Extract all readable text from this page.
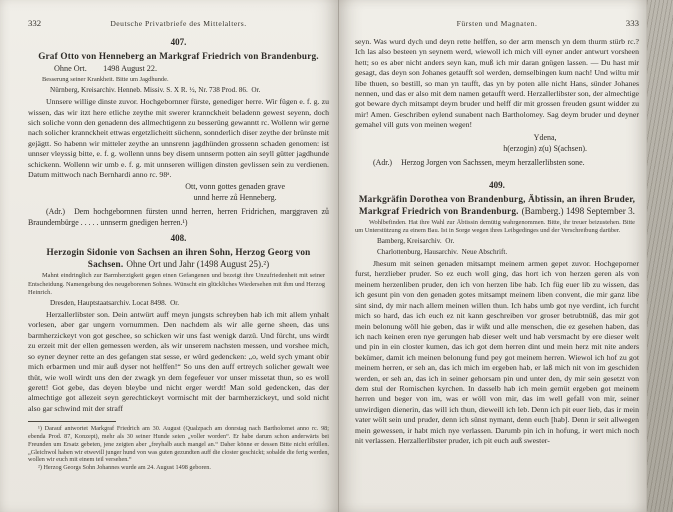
332	Deutsche Privatbriefe des Mittelalters.
407.
Graf Otto von Henneberg an Markgraf Friedrich von Brandenburg.
Ohne Ort.  1498 August 22.
Besserung seiner Krankheit. Bitte um Jagdhunde.
Nürnberg, Kreisarchiv. Henneb. Missiv. S. X R. ½, Nr. 738 Prod. 86. Or.
Unnsere willige dinste zuvor. Hochgebornner fürste, genediger herre. Wir fügen e. f. g. zu wissen, das wir itzt here etliche zeythe mit swerer krannckheit beladenn gewest seyenn, doch sich soliche vonn den genadenn des allmechtigenn zu besserüng gewanntt rc. Wollenn wir gerne nach solicher krannckheit ettwas ergetzlicheitt süchenn, sonnderlich diser zeythe der brünste mit gejägtt. So habenn wir mitteler zeythe an unnsrenn jagdhünden grossenn schaden genomen: ist unnser vleyssig bitte, e. f. g. wollenn unns bey disem unnserm potten ain seyll gütter jagdhunde schickenn. Wollenn wir umb e. f. g. mit unnseren willigen dinsten gevlissen sein zu verdienen. Datum mittwoch nach Bernhardi anno rc. 98ᵃ.
Ott, vonn gottes genaden grave
unnd herre zů Henneberg.
(Adr.) Dem hochgebornnen fürsten unnd herren, herren Fridrichen, marggraven zů Braundembürge . . . . . unnserm gnedigen herren.¹)
408.
Herzogin Sidonie von Sachsen an ihren Sohn, Herzog Georg von Sachsen. Ohne Ort und Jahr (1498 August 25).²)
Mahnt eindringlich zur Barmherzigkeit gegen einen Gefangenen und bezeigt ihre Unzufriedenheit mit seiner Entscheidung. Namengebung des neugeborenen Sohnes. Wünscht ein glückliches Wiedersehen mit ihm und Herzog Heinrich.
Dresden, Hauptstaatsarchiv. Locat 8498. Or.
Herzallerlibster son. Dein antwürt auff meyn jungsts schreyben hab ich mit allem ynhalt vorlesen, aber gar ungern vornummen. Den nachdem als wir alle gerne sheen, das uns barmherzickeyt von got geschee, so schicken wir uns fast wenigk darzü. Und fürcht, uns wirdt zu erzeit mit der ellen gemessen werden, als wir unserem nachsten messen, und vorshee mich, so eyner deyner rette an des gefangen stat sesse, er würd gedencken: „o, weld sych ymant obir mich erbarmen und mir auß dyser not helffen!“ So uns den auff ertreych solicher gewalt wee thüt, wie woll wirdt uns den der zwagk yn dem fegefeuer vor unser missetat thun, so es woll gerett! Got gebe, das deyen bleybe und nicht erger werdt! Man sold gedencken, das der almechtige got allezeit seyn gerechtickeyt vormischt mit der barmherzickeyt, und sold nicht also gar schwind mit der straff
¹) Darauf antwortet Markgraf Friedrich am 30. August (Qualzpach am donrstag nach Bartholomei anno rc. 98; ebenda Prod. 87, Konzept), mehr als 30 seiner Hunde seien „voller worden“. Er habe darum schon anderwärts bei Freunden um Ersatz gebeten, jene zeigten aber „freyhalb auch mangel an.“ Daher könne er dessen Bitte nicht erfüllen. „Gleichwol haben wir etwevill junger hund von was guten gezundten auff die closter geschickt; sobalde die ferig werden, wollen wir euch mit einem teil versehen.“
²) Herzog Georgs Sohn Johannes wurde am 24. August 1498 geboren.
Fürsten und Magnaten.	333
seyn. Was wurd dych und deyn rette helffen, so der arm mensch yn dem thurm stürb rc.? Ich las also besteen yn seynem werd, wiewoll ich mich vill eyner ander antwurt vorsheen hett; so es aber nicht anders seyn kan, muß ich mir daran gnügen lassen. — Du hast mir gesagt, das deyn son Johanes getaufft sol werden, demselbingen kum nach! Und wiltu mir libe thuen, so bestill, so man yn taufft, das yn by poten alle nicht Hans, sünder Johanes nennen, und das er also mit dem namen getaufft werd. Herzallerlibster son, der almechtige got beware dych mitsampt deym bruder und helff dir mit grossen freuden gsunt widder zu mir! Amen. Geschriben eylend sunabent nach Bartholomey. Sag deym bruder und deyner gemahel vill guts von meinen wegen!
Ydena,
h(erzogin) z(u) S(achsen).
(Adr.) Herzog Jorgen von Sachssen, meym herzallerlibsten sone.
409.
Markgräfin Dorothea von Brandenburg, Äbtissin, an ihren Bruder, Markgraf Friedrich von Brandenburg. (Bamberg.) 1498 September 3.
Wohlbefinden. Hat ihre Wahl zur Äbtissin demütig wahrgenommen. Bitte, ihr treuer beizustehen. Bitte um Unterstützung zu einem Bau. Ist in Sorge wegen ihres Leibgedinges und der Verschreibung darüber.
Bamberg, Kreisarchiv. Or.
Charlottenburg, Hausarchiv. Neue Abschrift.
Jhesum mit seinen genaden mitsampt meinem armen gepet zuvor. Hochgeporner furst, herzlieber pruder. So ez euch woll ging, das hort ich von herzen geren als von meinem herzenliben pruder, den ich von herzen libe hab. Ich füg euer lib zu wissen, das ich gesunt pin von den genaden gotes mitsampt meinem liben convent, die mir ganz libe sint sind, dy mir nach allem meinen willen thun. Ich habs umb got nye verdint, ich furcht mich so hard, das ich euch ez nit kann geschreiben vor groser betrubtnüß, das mir got mein belonung wöll hie geben, das ir wißt und alle menschen, die ez gesehen haben, das ich nach keinen eren nye gerungen hab dieser welt und hab versmacht by ere dieser welt und pin in ein closter kumen, das ich got dem herren dint und mein herz mit nite anders bekümer, damit ich meinen belonung fund pey got meinem herren. Wiewol ich hof zu got meinem herren, er seh an, das ich mich im ergeben hab, er laß mich nit von im geschiden werden, er seh an, das ich in seiner gehorsam pin und unter den, dy mir sein gesetzt von dem stul der Romischen kyrchen. In dasselb hab ich mein gemüt ergeben got meinem herren und beger von im, was er wöll von mir, das im well gefall von mir, seiner unwirdigen dienerin, das will ich thun, dieweill ich leb. Denn ich pit euer lieb, das ir mein vater wölt sein und pruder, denn ich sünst nymant, denn euch [hab]. Denn ir seit allwegen mein gewessen, ir habt mich nye verlassen. Darumb pin ich in hofung, ir wert mich noch nit verlassen. Herzallerlibster pruder, ich pit euch auß swester-
